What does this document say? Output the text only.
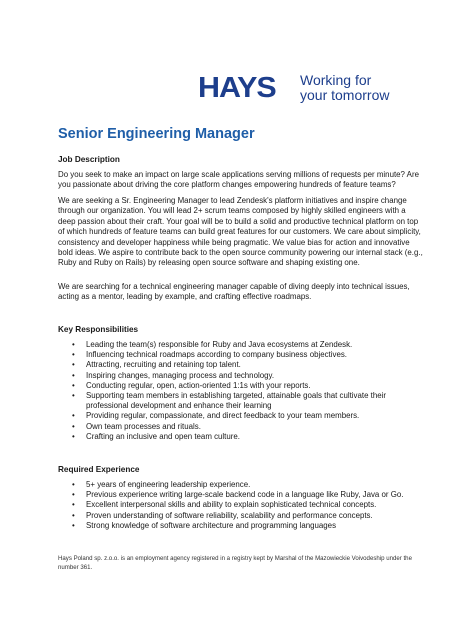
HAYS Working for
your tomorrow
Senior Engineering Manager
Job Description
Do you seek to make an impact on large scale applications serving millions of requests per minute? Are you passionate about driving the core platform changes empowering hundreds of feature teams?
We are seeking a Sr. Engineering Manager to lead Zendesk's platform initiatives and inspire change through our organization. You will lead 2+ scrum teams composed by highly skilled engineers with a deep passion about their craft. Your goal will be to build a solid and productive technical platform on top of which hundreds of feature teams can build great features for our customers. We care about simplicity, consistency and developer happiness while being pragmatic. We value bias for action and innovative bold ideas. We aspire to contribute back to the open source community powering our internal stack (e.g., Ruby and Ruby on Rails) by releasing open source software and shaping existing one.
We are searching for a technical engineering manager capable of diving deeply into technical issues, acting as a mentor, leading by example, and crafting effective roadmaps.
Key Responsibilities
• Leading the team(s) responsible for Ruby and Java ecosystems at Zendesk.
• Influencing technical roadmaps according to company business objectives.
• Attracting, recruiting and retaining top talent.
• Inspiring changes, managing process and technology.
• Conducting regular, open, action-oriented 1:1s with your reports.
• Supporting team members in establishing targeted, attainable goals that cultivate their professional development and enhance their learning
• Providing regular, compassionate, and direct feedback to your team members.
• Own team processes and rituals.
• Crafting an inclusive and open team culture.
Required Experience
• 5+ years of engineering leadership experience.
• Previous experience writing large-scale backend code in a language like Ruby, Java or Go.
• Excellent interpersonal skills and ability to explain sophisticated technical concepts.
• Proven understanding of software reliability, scalability and performance concepts.
• Strong knowledge of software architecture and programming languages
Hays Poland sp. z.o.o. is an employment agency registered in a registry kept by Marshal of the Mazowieckie Voivodeship under the number 361.
